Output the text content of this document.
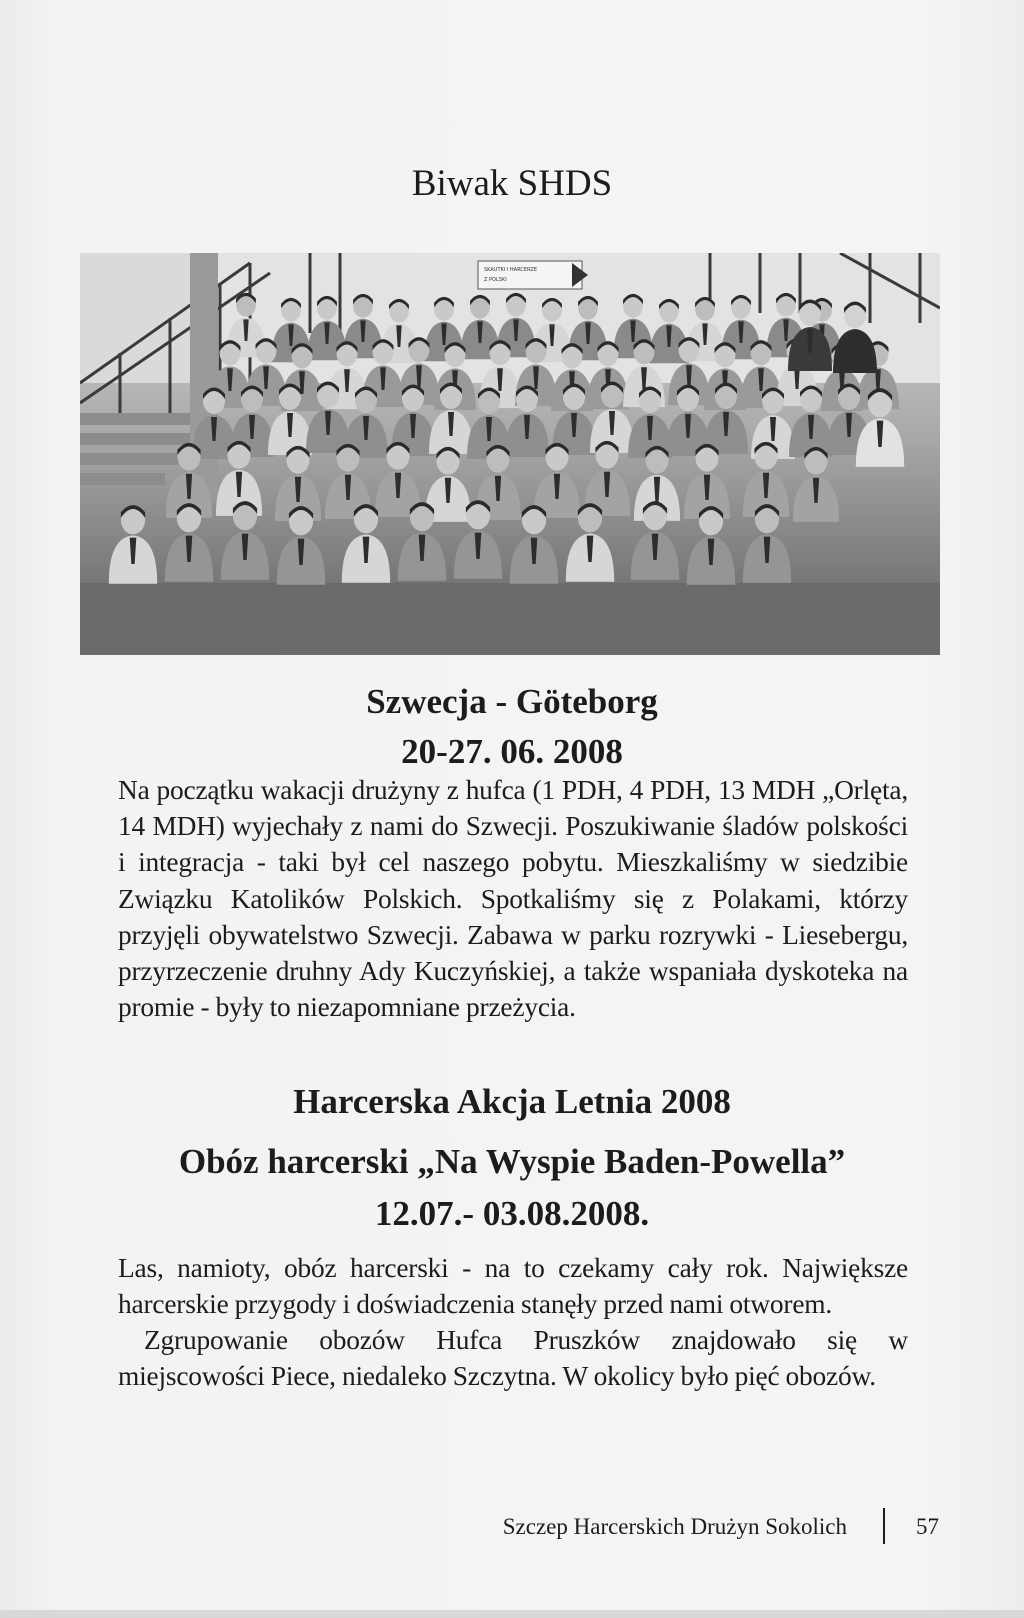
Biwak SHDS
SKAUTKI I HARCERZE
Z POLSKI
Szwecja - Göteborg
20-27. 06. 2008

Na początku wakacji drużyny z hufca (1 PDH, 4 PDH, 13 MDH „Orlęta, 14 MDH) wyjechały z nami do Szwecji. Poszukiwanie śladów polskości i integracja - taki był cel naszego pobytu. Mieszkaliśmy w siedzibie Związku Katolików Polskich. Spotkaliśmy się z Polakami, którzy przyjęli obywatelstwo Szwecji. Zabawa w parku rozrywki - Liesebergu, przyrzeczenie druhny Ady Kuczyńskiej, a także wspaniała dyskoteka na promie - były to niezapomniane przeżycia.

Harcerska Akcja Letnia 2008
Obóz harcerski „Na Wyspie Baden-Powella”
12.07.- 03.08.2008.

Las, namioty, obóz harcerski - na to czekamy cały rok. Największe harcerskie przygody i doświadczenia stanęły przed nami otworem.

Zgrupowanie obozów Hufca Pruszków znajdowało się w miejscowości Piece, niedaleko Szczytna. W okolicy było pięć obozów.

Szczep Harcerskich Drużyn Sokolich	57
